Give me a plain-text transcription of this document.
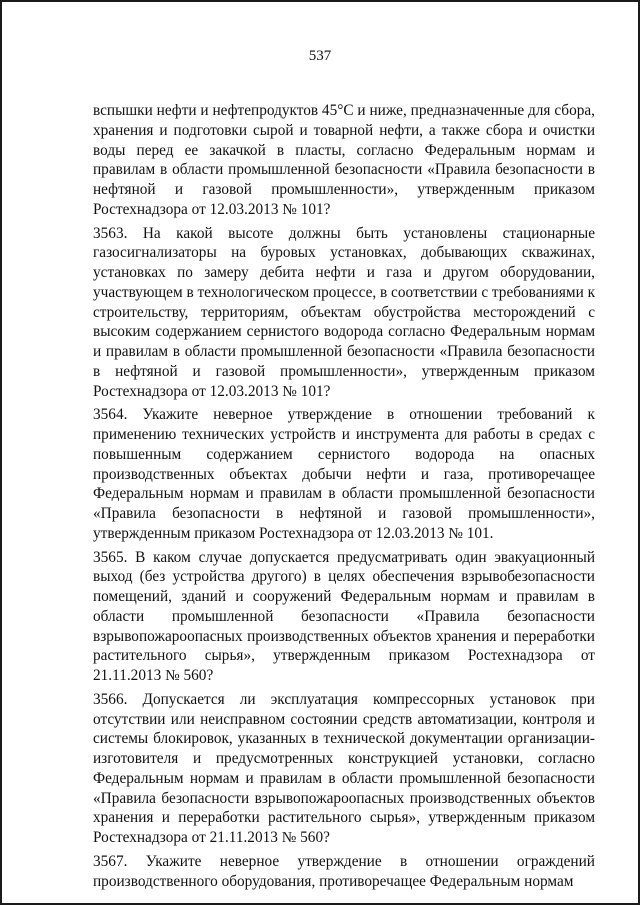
537

вспышки нефти и нефтепродуктов 45°С и ниже, предназначенные для сбора, хранения и подготовки сырой и товарной нефти, а также сбора и очистки воды перед ее закачкой в пласты, согласно Федеральным нормам и правилам в области промышленной безопасности «Правила безопасности в нефтяной и газовой промышленности», утвержденным приказом Ростехнадзора от 12.03.2013 № 101?

3563. На какой высоте должны быть установлены стационарные газосигнализаторы на буровых установках, добывающих скважинах, установках по замеру дебита нефти и газа и другом оборудовании, участвующем в технологическом процессе, в соответствии с требованиями к строительству, территориям, объектам обустройства месторождений с высоким содержанием сернистого водорода согласно Федеральным нормам и правилам в области промышленной безопасности «Правила безопасности в нефтяной и газовой промышленности», утвержденным приказом Ростехнадзора от 12.03.2013 № 101?

3564. Укажите неверное утверждение в отношении требований к применению технических устройств и инструмента для работы в средах с повышенным содержанием сернистого водорода на опасных производственных объектах добычи нефти и газа, противоречащее Федеральным нормам и правилам в области промышленной безопасности «Правила безопасности в нефтяной и газовой промышленности», утвержденным приказом Ростехнадзора от 12.03.2013 № 101.

3565. В каком случае допускается предусматривать один эвакуационный выход (без устройства другого) в целях обеспечения взрывобезопасности помещений, зданий и сооружений Федеральным нормам и правилам в области промышленной безопасности «Правила безопасности взрывопожароопасных производственных объектов хранения и переработки растительного сырья», утвержденным приказом Ростехнадзора от 21.11.2013 № 560?

3566. Допускается ли эксплуатация компрессорных установок при отсутствии или неисправном состоянии средств автоматизации, контроля и системы блокировок, указанных в технической документации организации-изготовителя и предусмотренных конструкцией установки, согласно Федеральным нормам и правилам в области промышленной безопасности «Правила безопасности взрывопожароопасных производственных объектов хранения и переработки растительного сырья», утвержденным приказом Ростехнадзора от 21.11.2013 № 560?

3567. Укажите неверное утверждение в отношении ограждений производственного оборудования, противоречащее Федеральным нормам
